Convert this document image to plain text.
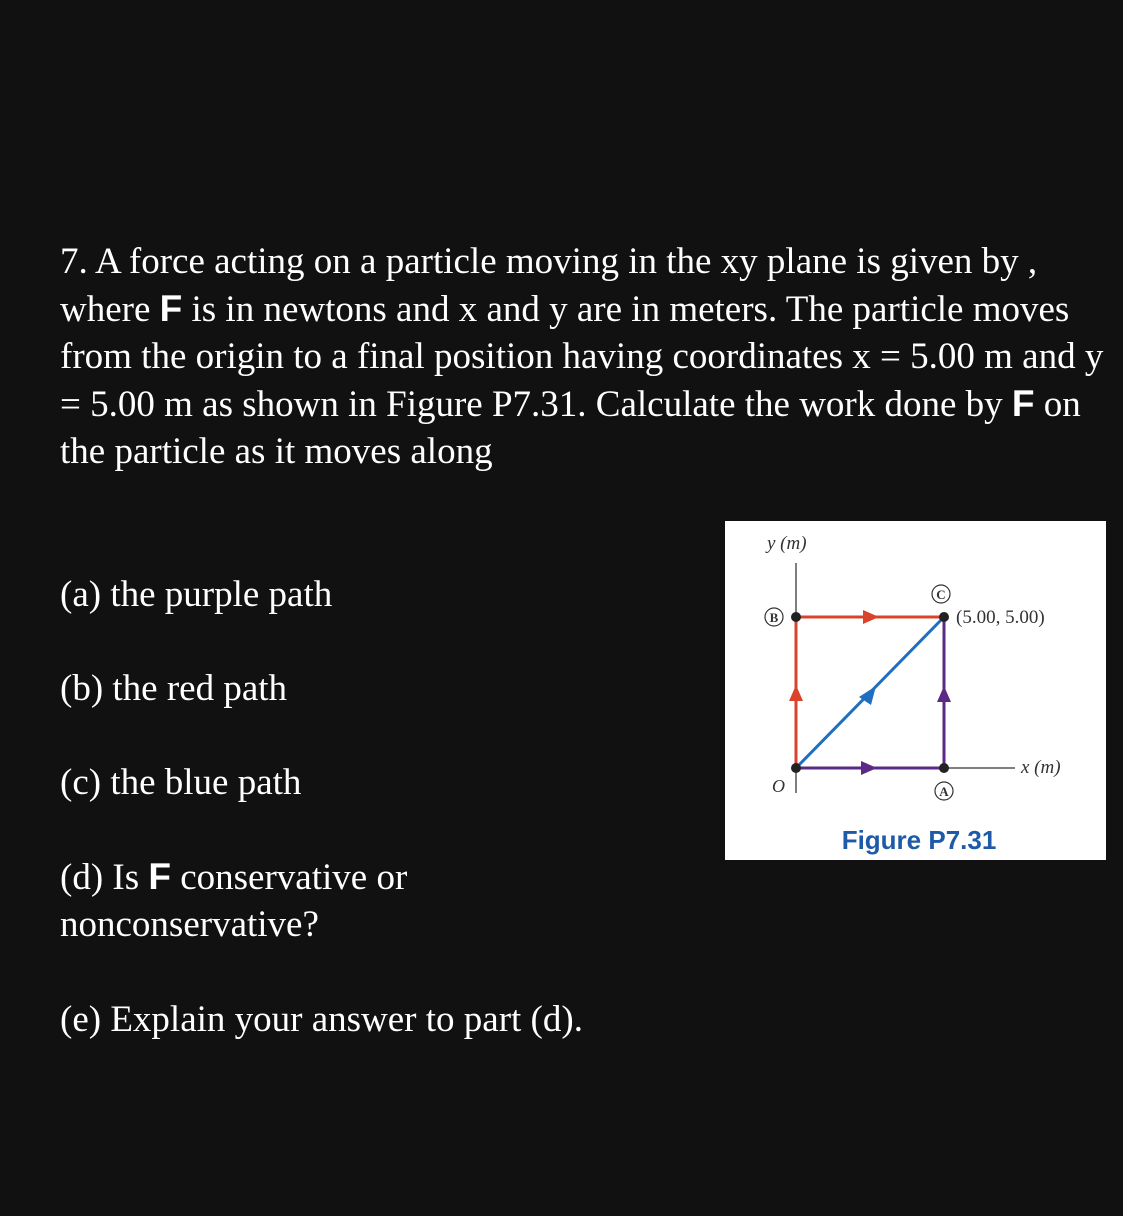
7. A force acting on a particle moving in the xy plane is given by , where F is in newtons and x and y are in meters. The particle moves from the origin to a final position having coordinates x = 5.00 m and y = 5.00 m as shown in Figure P7.31. Calculate the work done by F on the particle as it moves along
(a) the purple path
(b) the red path
(c) the blue path
(d) Is F conservative or nonconservative?
(e) Explain your answer to part (d).
B
C
A
y (m)
x (m)
O
(5.00, 5.00)
Figure P7.31
